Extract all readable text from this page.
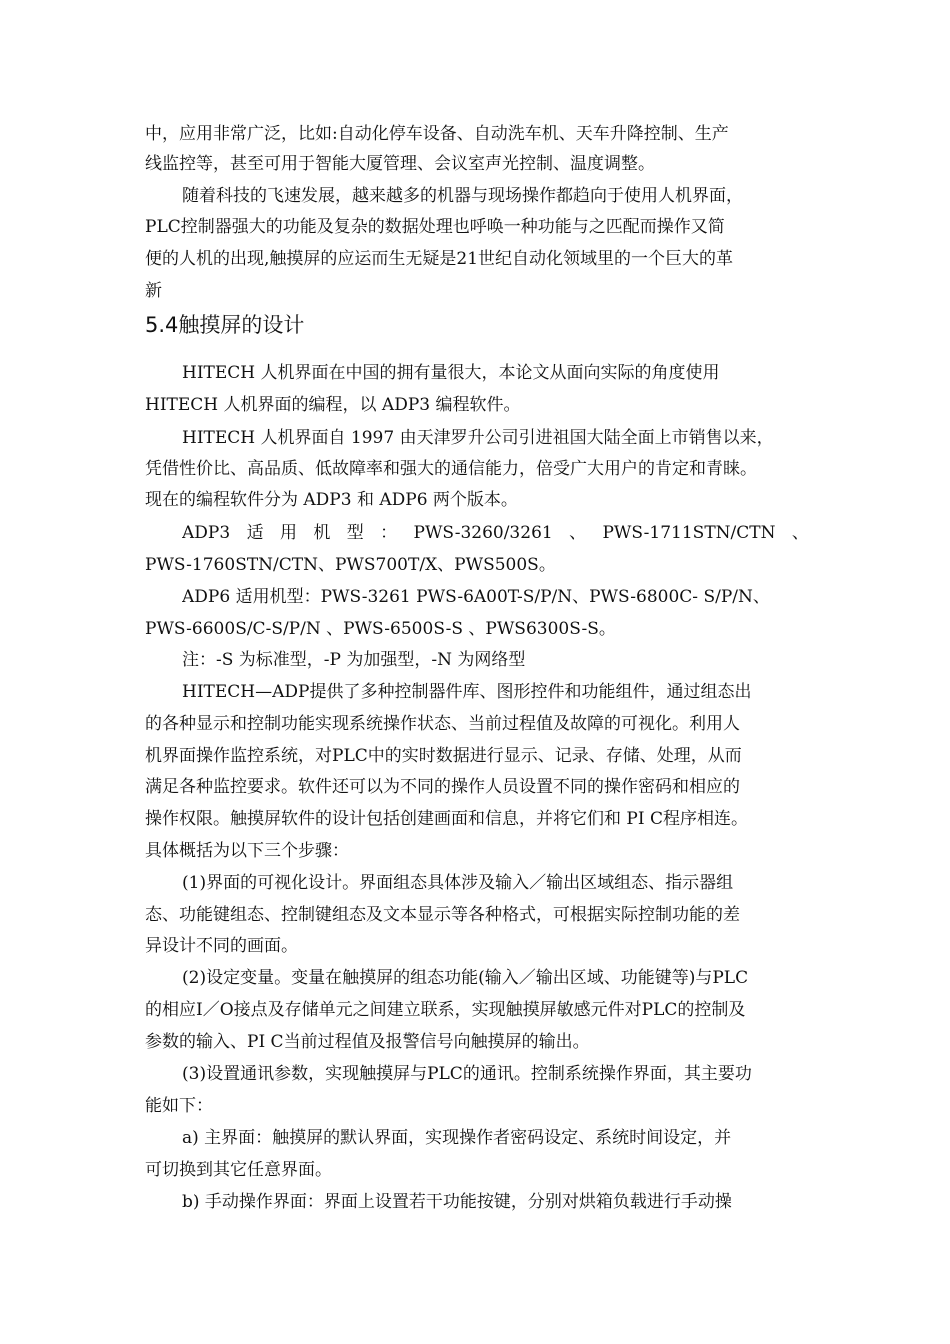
中，应用非常广泛，比如:自动化停车设备、自动洗车机、天车升降控制、生产
线监控等，甚至可用于智能大厦管理、会议室声光控制、温度调整。
随着科技的飞速发展，越来越多的机器与现场操作都趋向于使用人机界面，
PLC控制器强大的功能及复杂的数据处理也呼唤一种功能与之匹配而操作又简
便的人机的出现,触摸屏的应运而生无疑是21世纪自动化领域里的一个巨大的革
新
5.4触摸屏的设计
HITECH 人机界面在中国的拥有量很大，本论文从面向实际的角度使用
HITECH 人机界面的编程，以 ADP3 编程软件。
HITECH 人机界面自 1997 由天津罗升公司引进祖国大陆全面上市销售以来，
凭借性价比、高品质、低故障率和强大的通信能力，倍受广大用户的肯定和青睐。
现在的编程软件分为 ADP3 和 ADP6 两个版本。
ADP3 适 用 机 型 ： PWS-3260/3261 、 PWS-1711STN/CTN 、
PWS-1760STN/CTN、PWS700T/X、PWS500S。
ADP6 适用机型：PWS-3261 PWS-6A00T-S/P/N、PWS-6800C- S/P/N、
PWS-6600S/C-S/P/N 、PWS-6500S-S 、PWS6300S-S。
注：-S 为标准型，-P 为加强型，-N 为网络型
HITECH—ADP提供了多种控制器件库、图形控件和功能组件，通过组态出
的各种显示和控制功能实现系统操作状态、当前过程值及故障的可视化。利用人
机界面操作监控系统，对PLC中的实时数据进行显示、记录、存储、处理，从而
满足各种监控要求。软件还可以为不同的操作人员设置不同的操作密码和相应的
操作权限。触摸屏软件的设计包括创建画面和信息，并将它们和 PI C程序相连。
具体概括为以下三个步骤：
(1)界面的可视化设计。界面组态具体涉及输入／输出区域组态、指示器组
态、功能键组态、控制键组态及文本显示等各种格式，可根据实际控制功能的差
异设计不同的画面。
(2)设定变量。变量在触摸屏的组态功能(输入／输出区域、功能键等)与PLC
的相应I／O接点及存储单元之间建立联系，实现触摸屏敏感元件对PLC的控制及
参数的输入、PI C当前过程值及报警信号向触摸屏的输出。
(3)设置通讯参数，实现触摸屏与PLC的通讯。控制系统操作界面，其主要功
能如下：
a) 主界面：触摸屏的默认界面，实现操作者密码设定、系统时间设定，并
可切换到其它任意界面。
b) 手动操作界面：界面上设置若干功能按键，分别对烘箱负载进行手动操
